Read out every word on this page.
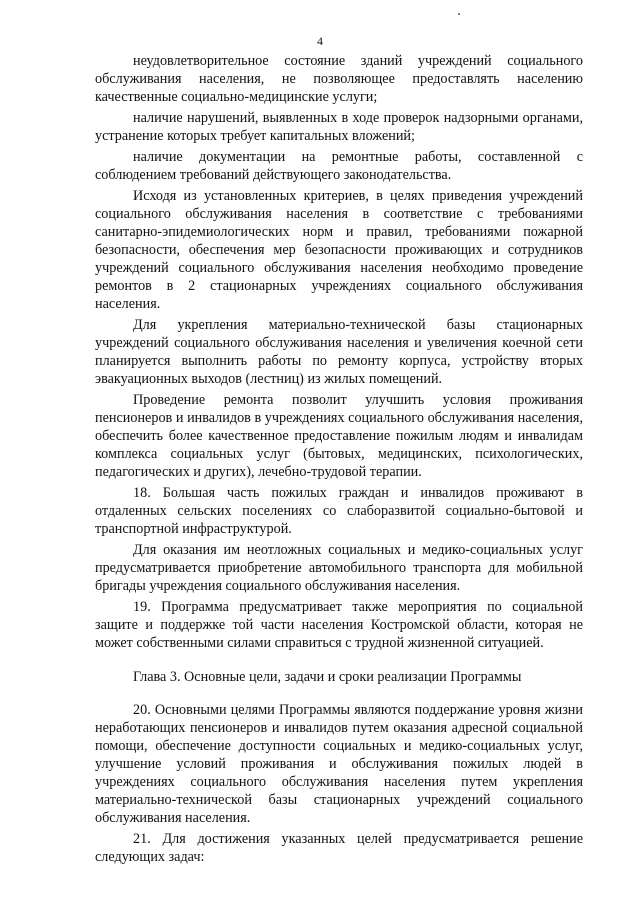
4

неудовлетворительное состояние зданий учреждений социального обслуживания населения, не позволяющее предоставлять населению качественные социально-медицинские услуги;

наличие нарушений, выявленных в ходе проверок надзорными органами, устранение которых требует капитальных вложений;

наличие документации на ремонтные работы, составленной с соблюдением требований действующего законодательства.

Исходя из установленных критериев, в целях приведения учреждений социального обслуживания населения в соответствие с требованиями санитарно-эпидемиологических норм и правил, требованиями пожарной безопасности, обеспечения мер безопасности проживающих и сотрудников учреждений социального обслуживания населения необходимо проведение ремонтов в 2 стационарных учреждениях социального обслуживания населения.

Для укрепления материально-технической базы стационарных учреждений социального обслуживания населения и увеличения коечной сети планируется выполнить работы по ремонту корпуса, устройству вторых эвакуационных выходов (лестниц) из жилых помещений.

Проведение ремонта позволит улучшить условия проживания пенсионеров и инвалидов в учреждениях социального обслуживания населения, обеспечить более качественное предоставление пожилым людям и инвалидам комплекса социальных услуг (бытовых, медицинских, психологических, педагогических и других), лечебно-трудовой терапии.

18. Большая часть пожилых граждан и инвалидов проживают в отдаленных сельских поселениях со слаборазвитой социально-бытовой и транспортной инфраструктурой.

Для оказания им неотложных социальных и медико-социальных услуг предусматривается приобретение автомобильного транспорта для мобильной бригады учреждения социального обслуживания населения.

19. Программа предусматривает также мероприятия по социальной защите и поддержке той части населения Костромской области, которая не может собственными силами справиться с трудной жизненной ситуацией.

Глава 3. Основные цели, задачи и сроки реализации Программы

20. Основными целями Программы являются поддержание уровня жизни неработающих пенсионеров и инвалидов путем оказания адресной социальной помощи, обеспечение доступности социальных и медико-социальных услуг, улучшение условий проживания и обслуживания пожилых людей в учреждениях социального обслуживания населения путем укрепления материально-технической базы стационарных учреждений социального обслуживания населения.

21. Для достижения указанных целей предусматривается решение следующих задач:
